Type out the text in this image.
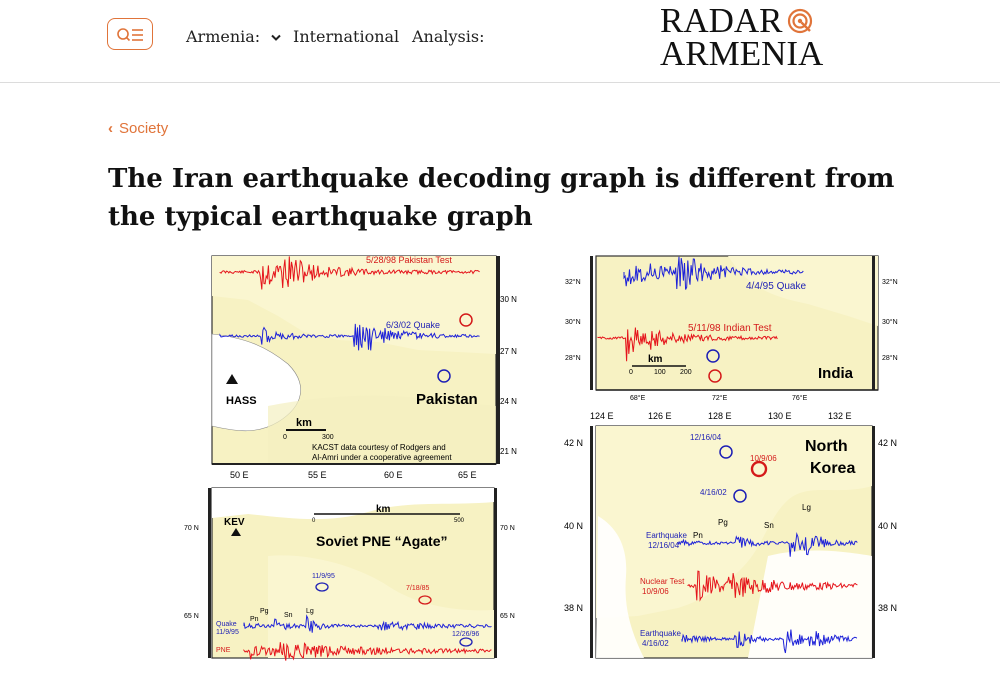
Armenia:	International Analysis:	RADAR
ARMENIA
‹ Society
The Iran earthquake decoding graph is different from the typical earthquake graph
30 N
27 N
24 N
21 N
50 E	55 E	60 E	65 E
5/28/98 Pakistan Test
6/3/02 Quake
HASS	Pakistan
km
0	300
KACST data courtesy of Rodgers and
Al-Amri under a cooperative agreement
32°N
30°N
28°N
32°N
30°N
28°N
68°E	72°E	76°E
4/4/95 Quake
5/11/98 Indian Test
km
0	100 200	India
124 E	126 E	128 E	130 E	132 E
42 N
40 N
38 N
42 N
40 N
38 N
North
Korea
12/16/04
10/9/06
4/16/02
Pn
Pg	Sn
Lg
Earthquake
12/16/04
Nuclear Test
10/9/06
Earthquake
4/16/02
70 N
65 N
70 N
65 N
KEV
km
0	500
Soviet PNE “Agate”
11/9/95
7/18/85
12/26/96
Pn
Pg
Sn
Lg
Quake
11/9/95
PNE
